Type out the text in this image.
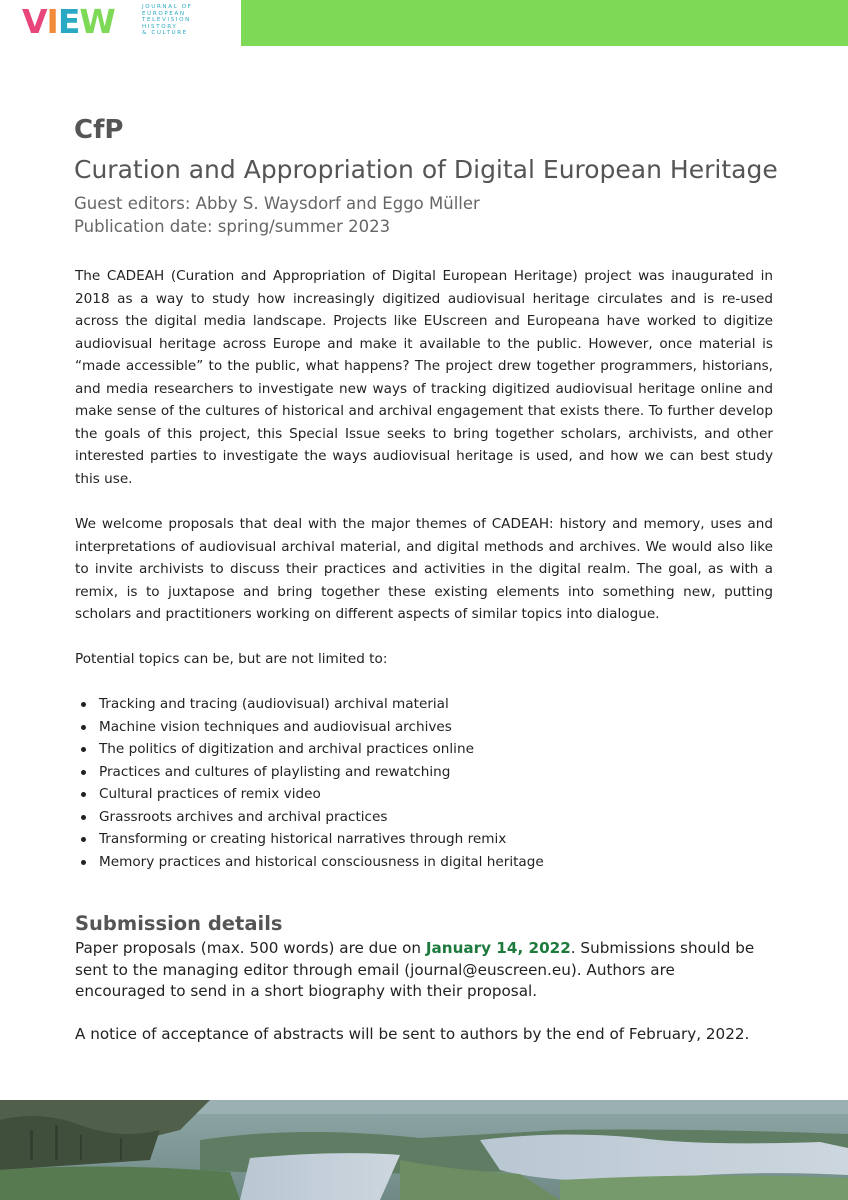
VIEW	JOURNAL OF
EUROPEAN
TELEVISION
HISTORY
& CULTURE
CfP
Curation and Appropriation of Digital European Heritage
Guest editors: Abby S. Waysdorf and Eggo Müller
Publication date: spring/summer 2023
The CADEAH (Curation and Appropriation of Digital European Heritage) project was inaugurated in 2018 as a way to study how increasingly digitized audiovisual heritage circulates and is re-used across the digital media landscape. Projects like EUscreen and Europeana have worked to digitize audiovisual heritage across Europe and make it available to the public. However, once material is “made accessible” to the public, what happens? The project drew together programmers, historians, and media researchers to investigate new ways of tracking digitized audiovisual heritage online and make sense of the cultures of historical and archival engagement that exists there. To further develop the goals of this project, this Special Issue seeks to bring together scholars, archivists, and other interested parties to investigate the ways audiovisual heritage is used, and how we can best study this use.
We welcome proposals that deal with the major themes of CADEAH: history and memory, uses and interpretations of audiovisual archival material, and digital methods and archives. We would also like to invite archivists to discuss their practices and activities in the digital realm. The goal, as with a remix, is to juxtapose and bring together these existing elements into something new, putting scholars and practitioners working on different aspects of similar topics into dialogue.
Potential topics can be, but are not limited to:
Tracking and tracing (audiovisual) archival material
Machine vision techniques and audiovisual archives
The politics of digitization and archival practices online
Practices and cultures of playlisting and rewatching
Cultural practices of remix video
Grassroots archives and archival practices
Transforming or creating historical narratives through remix
Memory practices and historical consciousness in digital heritage
Submission details
Paper proposals (max. 500 words) are due on January 14, 2022. Submissions should be sent to the managing editor through email (journal@euscreen.eu). Authors are encouraged to send in a short biography with their proposal.
A notice of acceptance of abstracts will be sent to authors by the end of February, 2022.
